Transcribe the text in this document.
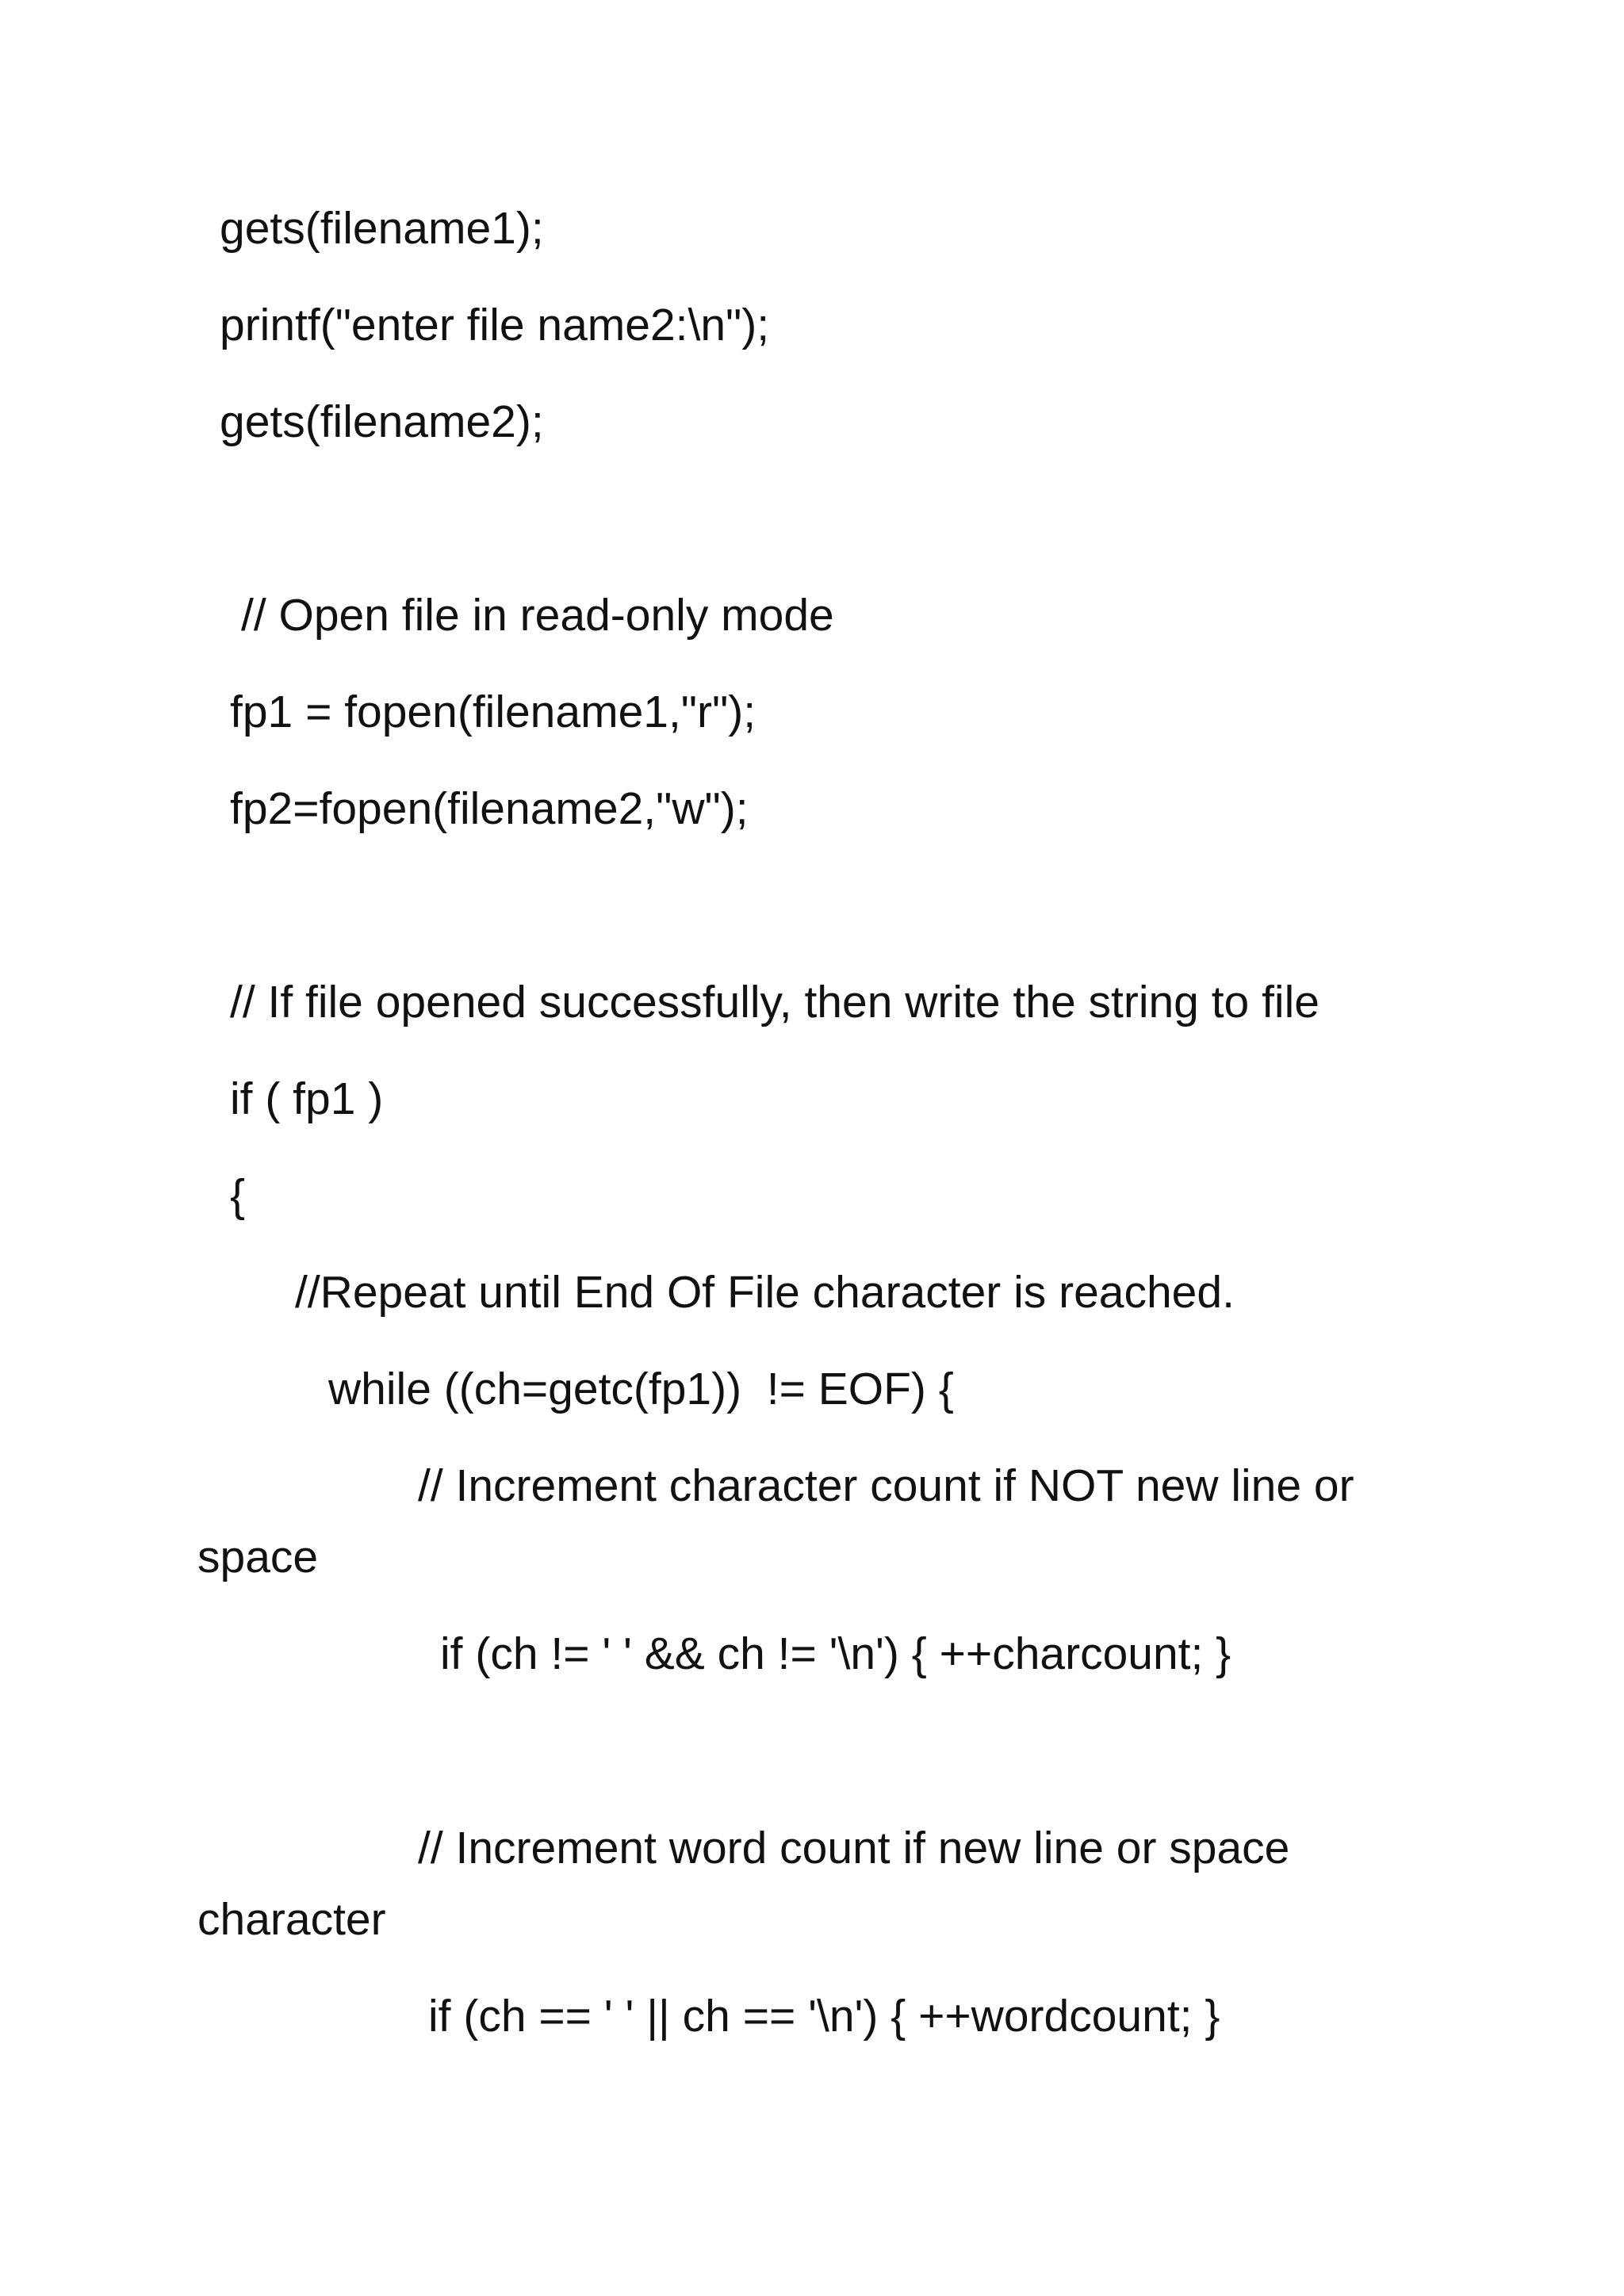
gets(filename1);
printf("enter file name2:\n");
gets(filename2);
// Open file in read-only mode
fp1 = fopen(filename1,"r");
fp2=fopen(filename2,"w");
// If file opened successfully, then write the string to file
if ( fp1 )
{
//Repeat until End Of File character is reached.
while ((ch=getc(fp1))  != EOF) {
// Increment character count if NOT new line or
space
if (ch != ' ' && ch != '\n') { ++charcount; }
// Increment word count if new line or space
character
if (ch == ' ' || ch == '\n') { ++wordcount; }
